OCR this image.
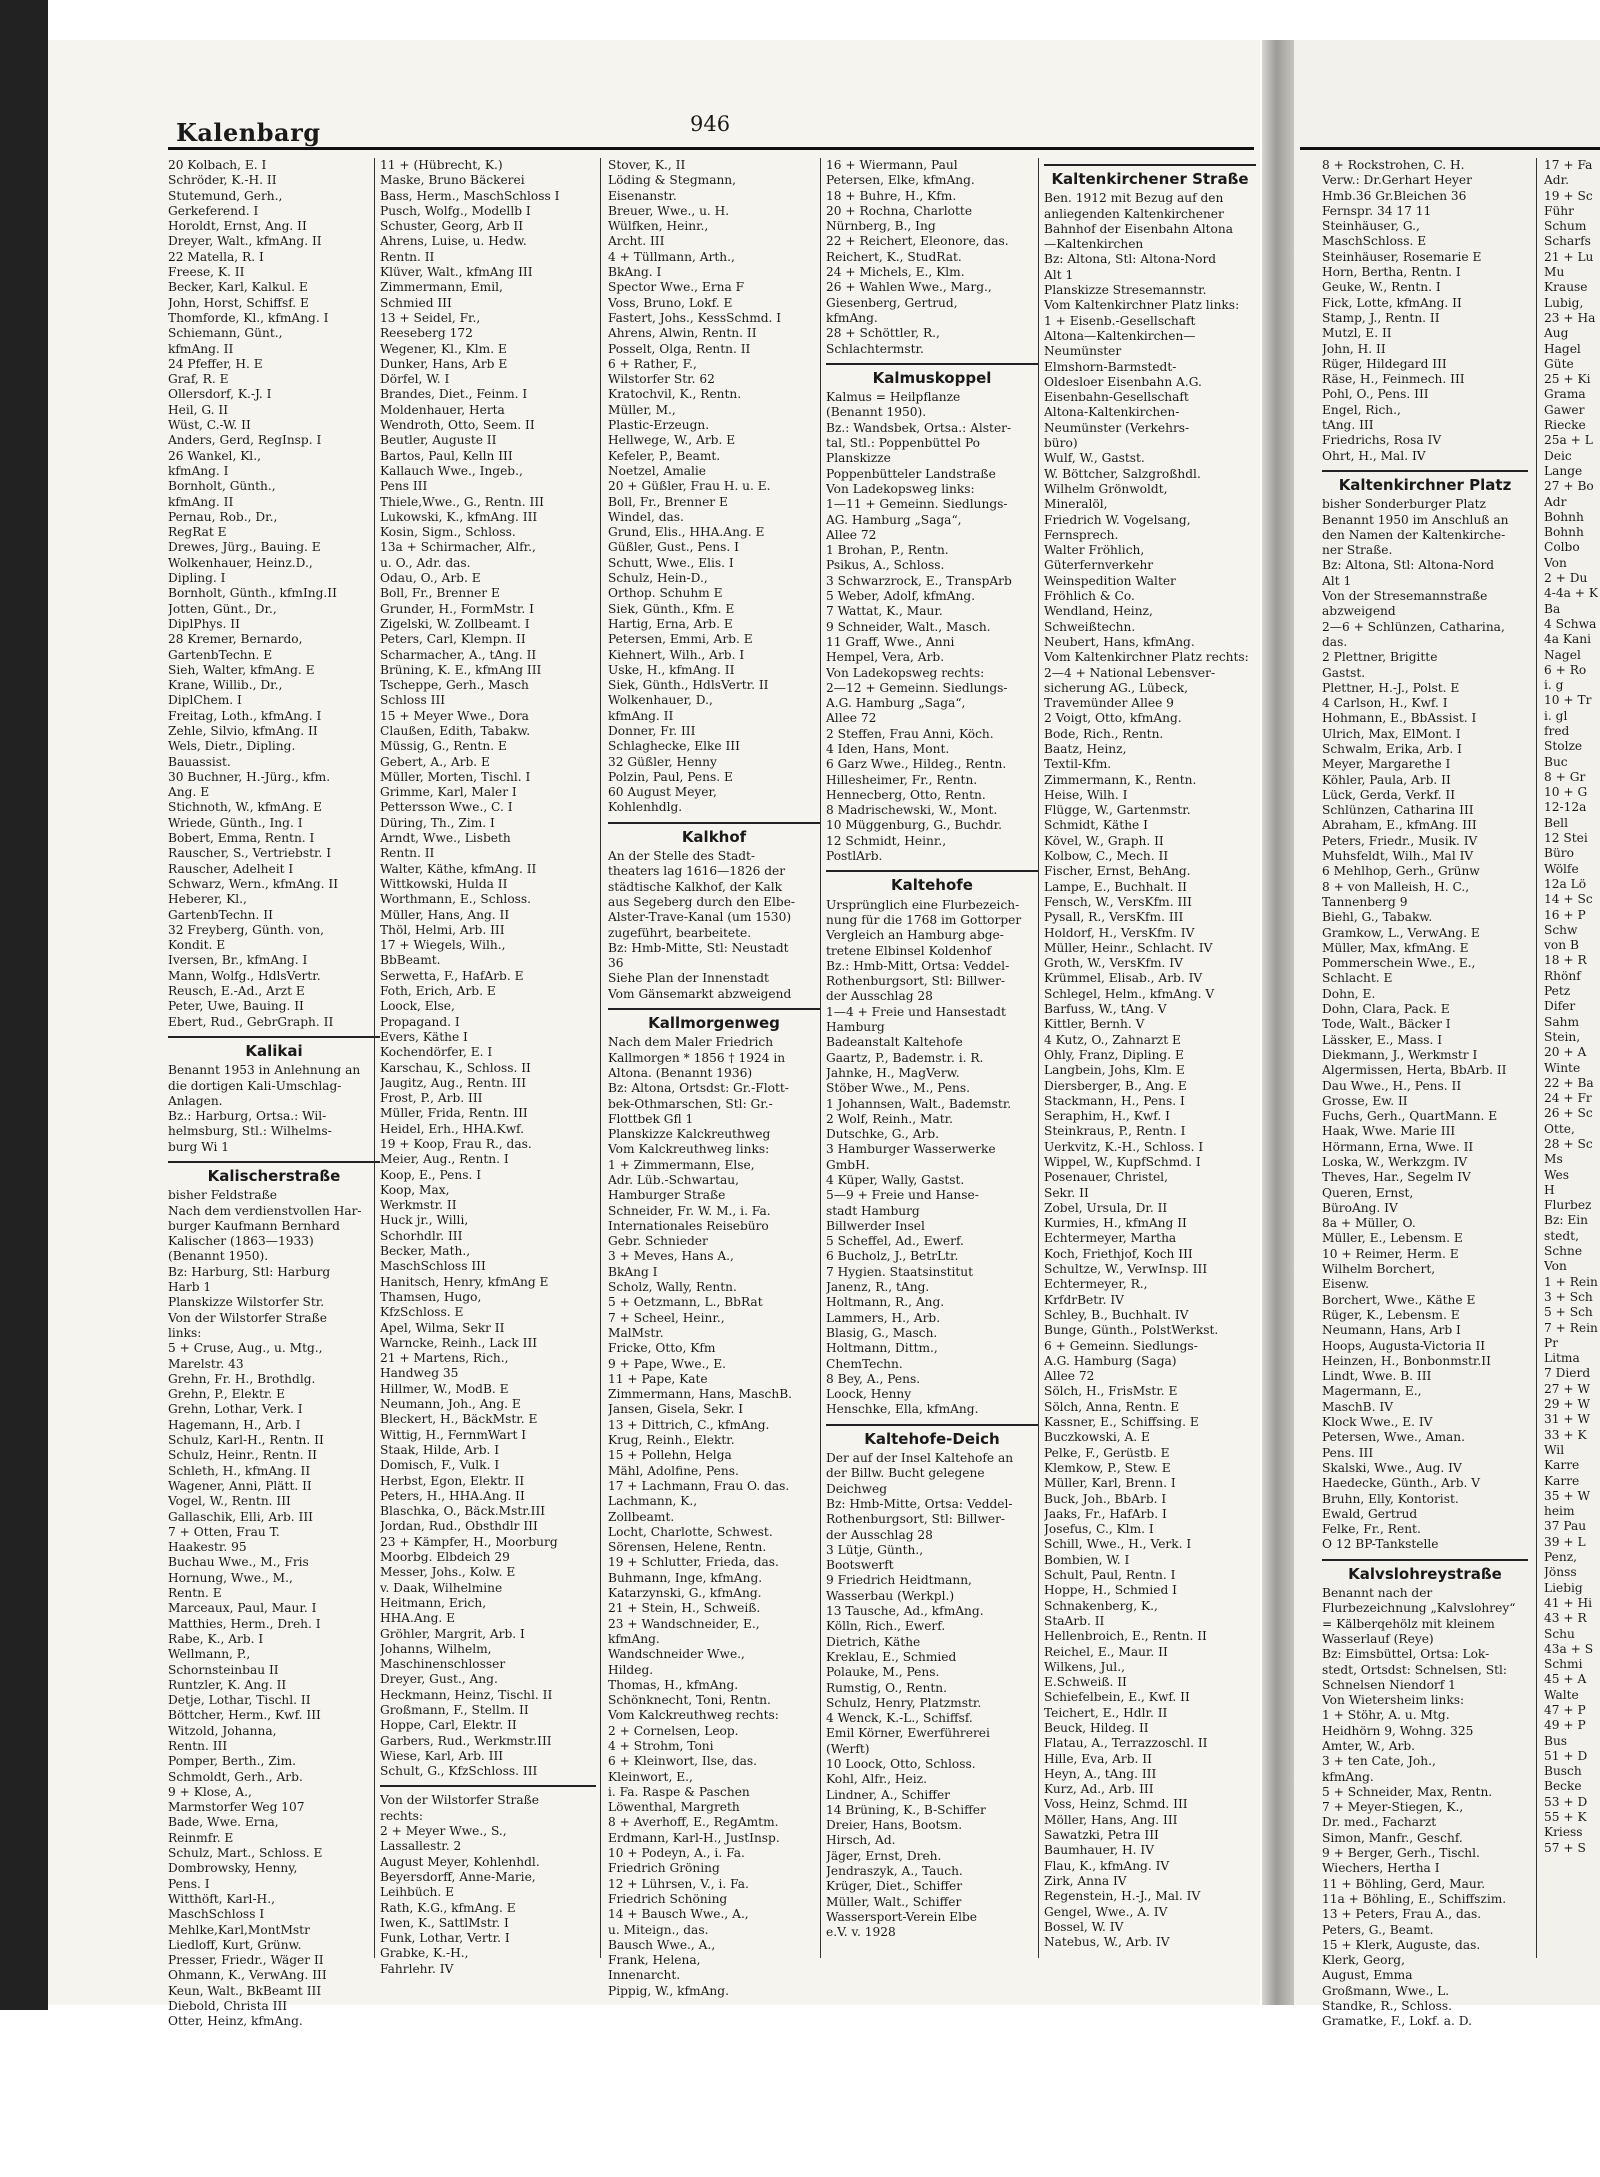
Kalenbarg	946
20 Kolbach, E. I
Schröder, K.-H. II
Stutemund, Gerh.,
Gerkeferend. I
Horoldt, Ernst, Ang. II
Dreyer, Walt., kfmAng. II
22 Matella, R. I
Freese, K. II
Becker, Karl, Kalkul. E
John, Horst, Schiffsf. E
Thomforde, Kl., kfmAng. I
Schiemann, Günt.,
kfmAng. II
24 Pfeffer, H. E
Graf, R. E
Ollersdorf, K.-J. I
Heil, G. II
Wüst, C.-W. II
Anders, Gerd, RegInsp. I
26 Wankel, Kl.,
kfmAng. I
Bornholt, Günth.,
kfmAng. II
Pernau, Rob., Dr.,
RegRat E
Drewes, Jürg., Bauing. E
Wolkenhauer, Heinz.D.,
Dipling. I
Bornholt, Günth., kfmIng.II
Jotten, Günt., Dr.,
DiplPhys. II
28 Kremer, Bernardo,
GartenbTechn. E
Sieh, Walter, kfmAng. E
Krane, Willib., Dr.,
DiplChem. I
Freitag, Loth., kfmAng. I
Zehle, Silvio, kfmAng. II
Wels, Dietr., Dipling.
Bauassist.
30 Buchner, H.-Jürg., kfm.
Ang. E
Stichnoth, W., kfmAng. E
Wriede, Günth., Ing. I
Bobert, Emma, Rentn. I
Rauscher, S., Vertriebstr. I
Rauscher, Adelheit I
Schwarz, Wern., kfmAng. II
Heberer, Kl.,
GartenbTechn. II
32 Freyberg, Günth. von,
Kondit. E
Iversen, Br., kfmAng. I
Mann, Wolfg., HdlsVertr.
Reusch, E.-Ad., Arzt E
Peter, Uwe, Bauing. II
Ebert, Rud., GebrGraph. II
Kalikai
Benannt 1953 in Anlehnung an
die dortigen Kali-Umschlag-
Anlagen.
Bz.: Harburg, Ortsa.: Wil-
helmsburg, Stl.: Wilhelms-
burg Wi 1
Kalischerstraße
bisher Feldstraße
Nach dem verdienstvollen Har-
burger Kaufmann Bernhard
Kalischer (1863—1933)
(Benannt 1950).
Bz: Harburg, Stl: Harburg
Harb 1
Planskizze Wilstorfer Str.
Von der Wilstorfer Straße
links:
5 + Cruse, Aug., u. Mtg.,
Marelstr. 43
Grehn, Fr. H., Brothdlg.
Grehn, P., Elektr. E
Grehn, Lothar, Verk. I
Hagemann, H., Arb. I
Schulz, Karl-H., Rentn. II
Schulz, Heinr., Rentn. II
Schleth, H., kfmAng. II
Wagener, Anni, Plätt. II
Vogel, W., Rentn. III
Gallaschik, Elli, Arb. III
7 + Otten, Frau T.
Haakestr. 95
Buchau Wwe., M., Fris
Hornung, Wwe., M.,
Rentn. E
Marceaux, Paul, Maur. I
Matthies, Herm., Dreh. I
Rabe, K., Arb. I
Wellmann, P.,
Schornsteinbau II
Runtzler, K. Ang. II
Detje, Lothar, Tischl. II
Böttcher, Herm., Kwf. III
Witzold, Johanna,
Rentn. III
Pomper, Berth., Zim.
Schmoldt, Gerh., Arb.
9 + Klose, A.,
Marmstorfer Weg 107
Bade, Wwe. Erna,
Reinmfr. E
Schulz, Mart., Schloss. E
Dombrowsky, Henny,
Pens. I
Witthöft, Karl-H.,
MaschSchloss I
Mehlke,Karl,MontMstr
Liedloff, Kurt, Grünw.
Presser, Friedr., Wäger II
Ohmann, K., VerwAng. III
Keun, Walt., BkBeamt III
Diebold, Christa III
Otter, Heinz, kfmAng.
11 + (Hübrecht, K.)
Maske, Bruno Bäckerei
Bass, Herm., MaschSchloss I
Pusch, Wolfg., Modellb I
Schuster, Georg, Arb II
Ahrens, Luise, u. Hedw.
Rentn. II
Klüver, Walt., kfmAng III
Zimmermann, Emil,
Schmied III
13 + Seidel, Fr.,
Reeseberg 172
Wegener, Kl., Klm. E
Dunker, Hans, Arb E
Dörfel, W. I
Brandes, Diet., Feinm. I
Moldenhauer, Herta
Wendroth, Otto, Seem. II
Beutler, Auguste II
Bartos, Paul, Kelln III
Kallauch Wwe., Ingeb.,
Pens III
Thiele,Wwe., G., Rentn. III
Lukowski, K., kfmAng. III
Kosin, Sigm., Schloss.
13a + Schirmacher, Alfr.,
u. O., Adr. das.
Odau, O., Arb. E
Boll, Fr., Brenner E
Grunder, H., FormMstr. I
Zigelski, W. Zollbeamt. I
Peters, Carl, Klempn. II
Scharmacher, A., tAng. II
Brüning, K. E., kfmAng III
Tscheppe, Gerh., Masch
Schloss III
15 + Meyer Wwe., Dora
Claußen, Edith, Tabakw.
Müssig, G., Rentn. E
Gebert, A., Arb. E
Müller, Morten, Tischl. I
Grimme, Karl, Maler I
Pettersson Wwe., C. I
Düring, Th., Zim. I
Arndt, Wwe., Lisbeth
Rentn. II
Walter, Käthe, kfmAng. II
Wittkowski, Hulda II
Worthmann, E., Schloss.
Müller, Hans, Ang. II
Thöl, Helmi, Arb. III
17 + Wiegels, Wilh.,
BbBeamt.
Serwetta, F., HafArb. E
Foth, Erich, Arb. E
Loock, Else,
Propagand. I
Evers, Käthe I
Kochendörfer, E. I
Karschau, K., Schloss. II
Jaugitz, Aug., Rentn. III
Frost, P., Arb. III
Müller, Frida, Rentn. III
Heidel, Erh., HHA.Kwf.
19 + Koop, Frau R., das.
Meier, Aug., Rentn. I
Koop, E., Pens. I
Koop, Max,
Werkmstr. II
Huck jr., Willi,
Schorhdlr. III
Becker, Math.,
MaschSchloss III
Hanitsch, Henry, kfmAng E
Thamsen, Hugo,
KfzSchloss. E
Apel, Wilma, Sekr II
Warncke, Reinh., Lack III
21 + Martens, Rich.,
Handweg 35
Hillmer, W., ModB. E
Neumann, Joh., Ang. E
Bleckert, H., BäckMstr. E
Wittig, H., FernmWart I
Staak, Hilde, Arb. I
Domisch, F., Vulk. I
Herbst, Egon, Elektr. II
Peters, H., HHA.Ang. II
Blaschka, O., Bäck.Mstr.III
Jordan, Rud., Obsthdlr III
23 + Kämpfer, H., Moorburg
Moorbg. Elbdeich 29
Messer, Johs., Kolw. E
v. Daak, Wilhelmine
Heitmann, Erich,
HHA.Ang. E
Gröhler, Margrit, Arb. I
Johanns, Wilhelm,
Maschinenschlosser
Dreyer, Gust., Ang.
Heckmann, Heinz, Tischl. II
Großmann, F., Stellm. II
Hoppe, Carl, Elektr. II
Garbers, Rud., Werkmstr.III
Wiese, Karl, Arb. III
Schult, G., KfzSchloss. III
Von der Wilstorfer Straße
rechts:
2 + Meyer Wwe., S.,
Lassallestr. 2
August Meyer, Kohlenhdl.
Beyersdorff, Anne-Marie,
Leihbüch. E
Rath, K.G., kfmAng. E
Iwen, K., SattlMstr. I
Funk, Lothar, Vertr. I
Grabke, K.-H.,
Fahrlehr. IV
Stover, K., II
Löding & Stegmann,
Eisenanstr.
Breuer, Wwe., u. H.
Wülfken, Heinr.,
Archt. III
4 + Tüllmann, Arth.,
BkAng. I
Spector Wwe., Erna F
Voss, Bruno, Lokf. E
Fastert, Johs., KessSchmd. I
Ahrens, Alwin, Rentn. II
Posselt, Olga, Rentn. II
6 + Rather, F.,
Wilstorfer Str. 62
Kratochvil, K., Rentn.
Müller, M.,
Plastic-Erzeugn.
Hellwege, W., Arb. E
Kefeler, P., Beamt.
Noetzel, Amalie
20 + Güßler, Frau H. u. E.
Boll, Fr., Brenner E
Windel, das.
Grund, Elis., HHA.Ang. E
Güßler, Gust., Pens. I
Schutt, Wwe., Elis. I
Schulz, Hein-D.,
Orthop. Schuhm E
Siek, Günth., Kfm. E
Hartig, Erna, Arb. E
Petersen, Emmi, Arb. E
Kiehnert, Wilh., Arb. I
Uske, H., kfmAng. II
Siek, Günth., HdlsVertr. II
Wolkenhauer, D.,
kfmAng. II
Donner, Fr. III
Schlaghecke, Elke III
32 Güßler, Henny
Polzin, Paul, Pens. E
60 August Meyer,
Kohlenhdlg.
Kalkhof
An der Stelle des Stadt-
theaters lag 1616—1826 der
städtische Kalkhof, der Kalk
aus Segeberg durch den Elbe-
Alster-Trave-Kanal (um 1530)
zugeführt, bearbeitete.
Bz: Hmb-Mitte, Stl: Neustadt
36
Siehe Plan der Innenstadt
Vom Gänsemarkt abzweigend
Kallmorgenweg
Nach dem Maler Friedrich
Kallmorgen * 1856 † 1924 in
Altona. (Benannt 1936)
Bz: Altona, Ortsdst: Gr.-Flott-
bek-Othmarschen, Stl: Gr.-
Flottbek Gfl 1
Planskizze Kalckreuthweg
Vom Kalckreuthweg links:
1 + Zimmermann, Else,
Adr. Lüb.-Schwartau,
Hamburger Straße
Schneider, Fr. W. M., i. Fa.
Internationales Reisebüro
Gebr. Schnieder
3 + Meves, Hans A.,
BkAng I
Scholz, Wally, Rentn.
5 + Oetzmann, L., BbRat
7 + Scheel, Heinr.,
MalMstr.
Fricke, Otto, Kfm
9 + Pape, Wwe., E.
11 + Pape, Kate
Zimmermann, Hans, MaschB.
Jansen, Gisela, Sekr. I
13 + Dittrich, C., kfmAng.
Krug, Reinh., Elektr.
15 + Pollehn, Helga
Mähl, Adolfine, Pens.
17 + Lachmann, Frau O. das.
Lachmann, K.,
Zollbeamt.
Locht, Charlotte, Schwest.
Sörensen, Helene, Rentn.
19 + Schlutter, Frieda, das.
Buhmann, Inge, kfmAng.
Katarzynski, G., kfmAng.
21 + Stein, H., Schweiß.
23 + Wandschneider, E.,
kfmAng.
Wandschneider Wwe.,
Hildeg.
Thomas, H., kfmAng.
Schönknecht, Toni, Rentn.
Vom Kalckreuthweg rechts:
2 + Cornelsen, Leop.
4 + Strohm, Toni
6 + Kleinwort, Ilse, das.
Kleinwort, E.,
i. Fa. Raspe & Paschen
Löwenthal, Margreth
8 + Averhoff, E., RegAmtm.
Erdmann, Karl-H., JustInsp.
10 + Podeyn, A., i. Fa.
Friedrich Gröning
12 + Lührsen, V., i. Fa.
Friedrich Schöning
14 + Bausch Wwe., A.,
u. Miteign., das.
Bausch Wwe., A.,
Frank, Helena,
Innenarcht.
Pippig, W., kfmAng.
16 + Wiermann, Paul
Petersen, Elke, kfmAng.
18 + Buhre, H., Kfm.
20 + Rochna, Charlotte
Nürnberg, B., Ing
22 + Reichert, Eleonore, das.
Reichert, K., StudRat.
24 + Michels, E., Klm.
26 + Wahlen Wwe., Marg.,
Giesenberg, Gertrud,
kfmAng.
28 + Schöttler, R.,
Schlachtermstr.
Kalmuskoppel
Kalmus = Heilpflanze
(Benannt 1950).
Bz.: Wandsbek, Ortsa.: Alster-
tal, Stl.: Poppenbüttel Po
Planskizze
Poppenbütteler Landstraße
Von Ladekopsweg links:
1—11 + Gemeinn. Siedlungs-
AG. Hamburg „Saga“,
Allee 72
1 Brohan, P., Rentn.
Psikus, A., Schloss.
3 Schwarzrock, E., TranspArb
5 Weber, Adolf, kfmAng.
7 Wattat, K., Maur.
9 Schneider, Walt., Masch.
11 Graff, Wwe., Anni
Hempel, Vera, Arb.
Von Ladekopsweg rechts:
2—12 + Gemeinn. Siedlungs-
A.G. Hamburg „Saga“,
Allee 72
2 Steffen, Frau Anni, Köch.
4 Iden, Hans, Mont.
6 Garz Wwe., Hildeg., Rentn.
Hillesheimer, Fr., Rentn.
Hennecberg, Otto, Rentn.
8 Madrischewski, W., Mont.
10 Müggenburg, G., Buchdr.
12 Schmidt, Heinr.,
PostlArb.
Kaltehofe
Ursprünglich eine Flurbezeich-
nung für die 1768 im Gottorper
Vergleich an Hamburg abge-
tretene Elbinsel Koldenhof
Bz.: Hmb-Mitt, Ortsa: Veddel-
Rothenburgsort, Stl: Billwer-
der Ausschlag 28
1—4 + Freie und Hansestadt
Hamburg
Badeanstalt Kaltehofe
Gaartz, P., Bademstr. i. R.
Jahnke, H., MagVerw.
Stöber Wwe., M., Pens.
1 Johannsen, Walt., Bademstr.
2 Wolf, Reinh., Matr.
Dutschke, G., Arb.
3 Hamburger Wasserwerke
GmbH.
4 Küper, Wally, Gastst.
5—9 + Freie und Hanse-
stadt Hamburg
Billwerder Insel
5 Scheffel, Ad., Ewerf.
6 Bucholz, J., BetrLtr.
7 Hygien. Staatsinstitut
Janenz, R., tAng.
Holtmann, R., Ang.
Lammers, H., Arb.
Blasig, G., Masch.
Holtmann, Dittm.,
ChemTechn.
8 Bey, A., Pens.
Loock, Henny
Henschke, Ella, kfmAng.
Kaltehofe-Deich
Der auf der Insel Kaltehofe an
der Billw. Bucht gelegene
Deichweg
Bz: Hmb-Mitte, Ortsa: Veddel-
Rothenburgsort, Stl: Billwer-
der Ausschlag 28
3 Lütje, Günth.,
Bootswerft
9 Friedrich Heidtmann,
Wasserbau (Werkpl.)
13 Tausche, Ad., kfmAng.
Kölln, Rich., Ewerf.
Dietrich, Käthe
Kreklau, E., Schmied
Polauke, M., Pens.
Rumstig, O., Rentn.
Schulz, Henry, Platzmstr.
4 Wenck, K.-L., Schiffsf.
Emil Körner, Ewerführerei
(Werft)
10 Loock, Otto, Schloss.
Kohl, Alfr., Heiz.
Lindner, A., Schiffer
14 Brüning, K., B-Schiffer
Dreier, Hans, Bootsm.
Hirsch, Ad.
Jäger, Ernst, Dreh.
Jendraszyk, A., Tauch.
Krüger, Diet., Schiffer
Müller, Walt., Schiffer
Wassersport-Verein Elbe
e.V. v. 1928
Kaltenkirchener Straße
Ben. 1912 mit Bezug auf den
anliegenden Kaltenkirchener
Bahnhof der Eisenbahn Altona
—Kaltenkirchen
Bz: Altona, Stl: Altona-Nord
Alt 1
Planskizze Stresemannstr.
Vom Kaltenkirchner Platz links:
1 + Eisenb.-Gesellschaft
Altona—Kaltenkirchen—
Neumünster
Elmshorn-Barmstedt-
Oldesloer Eisenbahn A.G.
Eisenbahn-Gesellschaft
Altona-Kaltenkirchen-
Neumünster (Verkehrs-
büro)
Wulf, W., Gastst.
W. Böttcher, Salzgroßhdl.
Wilhelm Grönwoldt,
Mineralöl,
Friedrich W. Vogelsang,
Fernsprech.
Walter Fröhlich,
Güterfernverkehr
Weinspedition Walter
Fröhlich & Co.
Wendland, Heinz,
Schweißtechn.
Neubert, Hans, kfmAng.
Vom Kaltenkirchner Platz rechts:
2—4 + National Lebensver-
sicherung AG., Lübeck,
Travemünder Allee 9
2 Voigt, Otto, kfmAng.
Bode, Rich., Rentn.
Baatz, Heinz,
Textil-Kfm.
Zimmermann, K., Rentn.
Heise, Wilh. I
Flügge, W., Gartenmstr.
Schmidt, Käthe I
Kövel, W., Graph. II
Kolbow, C., Mech. II
Fischer, Ernst, BehAng.
Lampe, E., Buchhalt. II
Fensch, W., VersKfm. III
Pysall, R., VersKfm. III
Holdorf, H., VersKfm. IV
Müller, Heinr., Schlacht. IV
Groth, W., VersKfm. IV
Krümmel, Elisab., Arb. IV
Schlegel, Helm., kfmAng. V
Barfuss, W., tAng. V
Kittler, Bernh. V
4 Kutz, O., Zahnarzt E
Ohly, Franz, Dipling. E
Langbein, Johs, Klm. E
Diersberger, B., Ang. E
Stackmann, H., Pens. I
Seraphim, H., Kwf. I
Steinkraus, P., Rentn. I
Uerkvitz, K.-H., Schloss. I
Wippel, W., KupfSchmd. I
Posenauer, Christel,
Sekr. II
Zobel, Ursula, Dr. II
Kurmies, H., kfmAng II
Echtermeyer, Martha
Koch, Friethjof, Koch III
Schultze, W., VerwInsp. III
Echtermeyer, R.,
KrfdrBetr. IV
Schley, B., Buchhalt. IV
Bunge, Günth., PolstWerkst.
6 + Gemeinn. Siedlungs-
A.G. Hamburg (Saga)
Allee 72
Sölch, H., FrisMstr. E
Sölch, Anna, Rentn. E
Kassner, E., Schiffsing. E
Buczkowski, A. E
Pelke, F., Gerüstb. E
Klemkow, P., Stew. E
Müller, Karl, Brenn. I
Buck, Joh., BbArb. I
Jaaks, Fr., HafArb. I
Josefus, C., Klm. I
Schill, Wwe., H., Verk. I
Bombien, W. I
Schult, Paul, Rentn. I
Hoppe, H., Schmied I
Schnakenberg, K.,
StaArb. II
Hellenbroich, E., Rentn. II
Reichel, E., Maur. II
Wilkens, Jul.,
E.Schweiß. II
Schiefelbein, E., Kwf. II
Teichert, E., Hdlr. II
Beuck, Hildeg. II
Flatau, A., Terrazzoschl. II
Hille, Eva, Arb. II
Heyn, A., tAng. III
Kurz, Ad., Arb. III
Voss, Heinz, Schmd. III
Möller, Hans, Ang. III
Sawatzki, Petra III
Baumhauer, H. IV
Flau, K., kfmAng. IV
Zirk, Anna IV
Regenstein, H.-J., Mal. IV
Gengel, Wwe., A. IV
Bossel, W. IV
Natebus, W., Arb. IV
8 + Rockstrohen, C. H.
Verw.: Dr.Gerhart Heyer
Hmb.36 Gr.Bleichen 36
Fernspr. 34 17 11
Steinhäuser, G.,
MaschSchloss. E
Steinhäuser, Rosemarie E
Horn, Bertha, Rentn. I
Geuke, W., Rentn. I
Fick, Lotte, kfmAng. II
Stamp, J., Rentn. II
Mutzl, E. II
John, H. II
Rüger, Hildegard III
Räse, H., Feinmech. III
Pohl, O., Pens. III
Engel, Rich.,
tAng. III
Friedrichs, Rosa IV
Ohrt, H., Mal. IV
Kaltenkirchner Platz
bisher Sonderburger Platz
Benannt 1950 im Anschluß an
den Namen der Kaltenkirche-
ner Straße.
Bz: Altona, Stl: Altona-Nord
Alt 1
Von der Stresemannstraße
abzweigend
2—6 + Schlünzen, Catharina,
das.
2 Plettner, Brigitte
Gastst.
Plettner, H.-J., Polst. E
4 Carlson, H., Kwf. I
Hohmann, E., BbAssist. I
Ulrich, Max, ElMont. I
Schwalm, Erika, Arb. I
Meyer, Margarethe I
Köhler, Paula, Arb. II
Lück, Gerda, Verkf. II
Schlünzen, Catharina III
Abraham, E., kfmAng. III
Peters, Friedr., Musik. IV
Muhsfeldt, Wilh., Mal IV
6 Mehlhop, Gerh., Grünw
8 + von Malleish, H. C.,
Tannenberg 9
Biehl, G., Tabakw.
Gramkow, L., VerwAng. E
Müller, Max, kfmAng. E
Pommerschein Wwe., E.,
Schlacht. E
Dohn, E.
Dohn, Clara, Pack. E
Tode, Walt., Bäcker I
Lässker, E., Mass. I
Diekmann, J., Werkmstr I
Algermissen, Herta, BbArb. II
Dau Wwe., H., Pens. II
Grosse, Ew. II
Fuchs, Gerh., QuartMann. E
Haak, Wwe. Marie III
Hörmann, Erna, Wwe. II
Loska, W., Werkzgm. IV
Theves, Har., Segelm IV
Queren, Ernst,
BüroAng. IV
8a + Müller, O.
Müller, E., Lebensm. E
10 + Reimer, Herm. E
Wilhelm Borchert,
Eisenw.
Borchert, Wwe., Käthe E
Rüger, K., Lebensm. E
Neumann, Hans, Arb I
Hoops, Augusta-Victoria II
Heinzen, H., Bonbonmstr.II
Lindt, Wwe. B. III
Magermann, E.,
MaschB. IV
Klock Wwe., E. IV
Petersen, Wwe., Aman.
Pens. III
Skalski, Wwe., Aug. IV
Haedecke, Günth., Arb. V
Bruhn, Elly, Kontorist.
Ewald, Gertrud
Felke, Fr., Rent.
O 12 BP-Tankstelle
Kalvslohreystraße
Benannt nach der
Flurbezeichnung „Kalvslohrey“
= Kälberqehölz mit kleinem
Wasserlauf (Reye)
Bz: Eimsbüttel, Ortsa: Lok-
stedt, Ortsdst: Schnelsen, Stl:
Schnelsen Niendorf 1
Von Wietersheim links:
1 + Stöhr, A. u. Mtg.
Heidhörn 9, Wohng. 325
Amter, W., Arb.
3 + ten Cate, Joh.,
kfmAng.
5 + Schneider, Max, Rentn.
7 + Meyer-Stiegen, K.,
Dr. med., Facharzt
Simon, Manfr., Geschf.
9 + Berger, Gerh., Tischl.
Wiechers, Hertha I
11 + Böhling, Gerd, Maur.
11a + Böhling, E., Schiffszim.
13 + Peters, Frau A., das.
Peters, G., Beamt.
15 + Klerk, Auguste, das.
Klerk, Georg,
August, Emma
Großmann, Wwe., L.
Standke, R., Schloss.
Gramatke, F., Lokf. a. D.
17 + Fa
Adr.
19 + Sc
Führ
Schum
Scharfs
21 + Lu
Mu
Krause
Lubig,
23 + Ha
Aug
Hagel
Güte
25 + Ki
Grama
Gawer
Riecke
25a + L
Deic
Lange
27 + Bo
Adr
Bohnh
Bohnh
Colbo
Von
2 + Du
4-4a + K
Ba
4 Schwa
4a Kani
Nagel
6 + Ro
i. g
10 + Tr
i. gl
fred
Stolze
Buc
8 + Gr
10 + G
12-12a
Bell
12 Stei
Büro
Wölfe
12a Lö
14 + Sc
16 + P
Schw
von B
18 + R
Rhönf
Petz
Difer
Sahm
Stein,
20 + A
Winte
22 + Ba
24 + Fr
26 + Sc
Otte,
28 + Sc
Ms
Wes
H
Flurbez
Bz: Ein
stedt,
Schne
Von
1 + Rein
3 + Sch
5 + Sch
7 + Rein
Pr
Litma
7 Dierd
27 + W
29 + W
31 + W
33 + K
Wil
Karre
Karre
35 + W
heim
37 Pau
39 + L
Penz,
Jönss
Liebig
41 + Hi
43 + R
Schu
43a + S
Schmi
45 + A
Walte
47 + P
49 + P
Bus
51 + D
Busch
Becke
53 + D
55 + K
Kriess
57 + S
